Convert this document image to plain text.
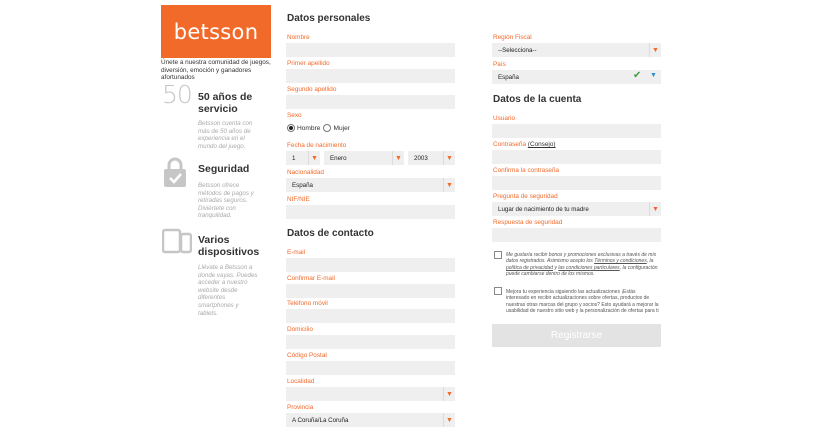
betsson
Únete a nuestra comunidad de juegos, diversión, emoción y ganadores afortunados
50 50 años de servicio
Betsson cuenta con más de 50 años de experiencia en el mundo del juego.
Seguridad
Betsson ofrece métodos de pagos y retiradas seguros. Diviértete con tranquilidad.
Varios dispositivos
Llévate a Betsson a donde vayas. Puedes acceder a nuestro website desde diferentes smartphones y tablets.
Datos personales
Nombre
Primer apellido
Segundo apellido
Sexo
Hombre Mujer
Fecha de nacimiento
1	▼	Enero	▼	2003	▼
Nacionalidad
España	▼
NIF/NIE
Datos de contacto
E-mail
Confirmar E-mail
Teléfono móvil
Domicilio
Código Postal
Localidad
▼
Provincia
A Coruña/La Coruña	▼
Región Fiscal
--Selecciona--	▼
País
España	✔ ▼
Datos de la cuenta
Usuario
Contraseña (Consejo)
Confirma la contraseña
Pregunta de seguridad
Lugar de nacimiento de tu madre	▼
Respuesta de seguridad
Me gustaría recibir bonos y promociones exclusivas a través de mis datos registrados. Asimismo acepto los Términos y condiciones, la política de privacidad y las condiciones particulares, la configuración puede cambiarse dentro de los mismos.
Mejora tu experiencia siguiendo las actualizaciones ¡Estás interesado en recibir actualizaciones sobre ofertas, productos de nuestras otras marcas del grupo y socios? Esto ayudará a mejorar la usabilidad de nuestro sitio web y la personalización de ofertas para ti
Registrarse
